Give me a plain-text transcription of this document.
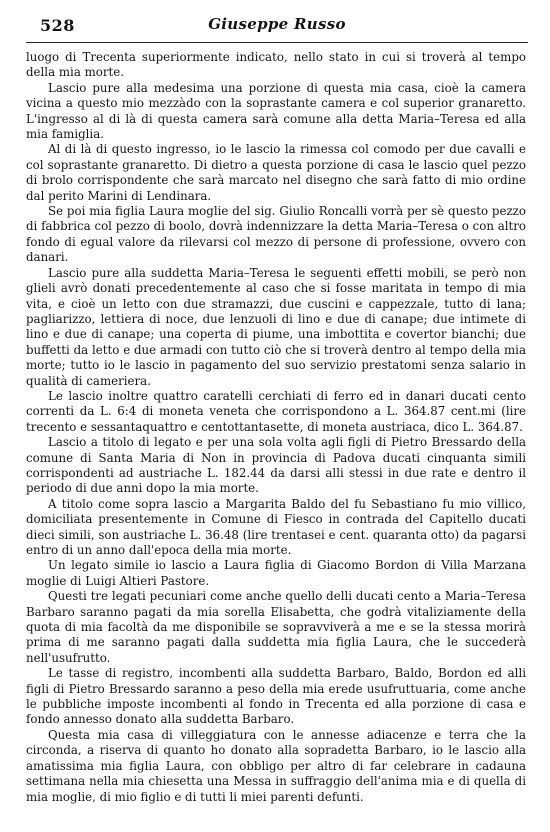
528	Giuseppe Russo

luogo di Trecenta superiormente indicato, nello stato in cui si troverà al tempo della mia morte.

Lascio pure alla medesima una porzione di questa mia casa, cioè la camera vicina a questo mio mezzàdo con la soprastante camera e col superior granaretto. L'ingresso al di là di questa camera sarà comune alla detta Maria–Teresa ed alla mia famiglia.

Al di là di questo ingresso, io le lascio la rimessa col comodo per due cavalli e col soprastante granaretto. Di dietro a questa porzione di casa le lascio quel pezzo di brolo corrispondente che sarà marcato nel disegno che sarà fatto di mio ordine dal perito Marini di Lendinara.

Se poi mia figlia Laura moglie del sig. Giulio Roncalli vorrà per sè questo pezzo di fabbrica col pezzo di boolo, dovrà indennizzare la detta Maria–Teresa o con altro fondo di egual valore da rilevarsi col mezzo di persone di professione, ovvero con danari.

Lascio pure alla suddetta Maria–Teresa le seguenti effetti mobili, se però non glieli avrò donati precedentemente al caso che si fosse maritata in tempo di mia vita, e cioè un letto con due stramazzi, due cuscini e cappezzale, tutto di lana; pagliarizzo, lettiera di noce, due lenzuoli di lino e due di canape; due intimete di lino e due di canape; una coperta di piume, una imbottita e covertor bianchi; due buffetti da letto e due armadi con tutto ciò che si troverà dentro al tempo della mia morte; tutto io le lascio in pagamento del suo servizio prestatomi senza salario in qualità di cameriera.

Le lascio inoltre quattro caratelli cerchiati di ferro ed in danari ducati cento correnti da L. 6:4 di moneta veneta che corrispondono a L. 364.87 cent.mi (lire trecento e sessantaquattro e centottantasette, di moneta austriaca, dico L. 364.87.

Lascio a titolo di legato e per una sola volta agli figli di Pietro Bressardo della comune di Santa Maria di Non in provincia di Padova ducati cinquanta simili corrispondenti ad austriache L. 182.44 da darsi alli stessi in due rate e dentro il periodo di due anni dopo la mia morte.

A titolo come sopra lascio a Margarita Baldo del fu Sebastiano fu mio villico, domiciliata presentemente in Comune di Fiesco in contrada del Capitello ducati dieci simili, son austriache L. 36.48 (lire trentasei e cent. quaranta otto) da pagarsi entro di un anno dall'epoca della mia morte.

Un legato simile io lascio a Laura figlia di Giacomo Bordon di Villa Marzana moglie di Luigi Altieri Pastore.

Questi tre legati pecuniari come anche quello delli ducati cento a Maria–Teresa Barbaro saranno pagati da mia sorella Elisabetta, che godrà vitaliziamente della quota di mia facoltà da me disponibile se sopravviverà a me e se la stessa morirà prima di me saranno pagati dalla suddetta mia figlia Laura, che le succederà nell'usufrutto.

Le tasse di registro, incombenti alla suddetta Barbaro, Baldo, Bordon ed alli figli di Pietro Bressardo saranno a peso della mia erede usufruttuaria, come anche le pubbliche imposte incombenti al fondo in Trecenta ed alla porzione di casa e fondo annesso donato alla suddetta Barbaro.

Questa mia casa di villeggiatura con le annesse adiacenze e terra che la circonda, a riserva di quanto ho donato alla sopradetta Barbaro, io le lascio alla amatissima mia figlia Laura, con obbligo per altro di far celebrare in cadauna settimana nella mia chiesetta una Messa in suffraggio dell'anima mia e di quella di mia moglie, di mio figlio e di tutti li miei parenti defunti.
